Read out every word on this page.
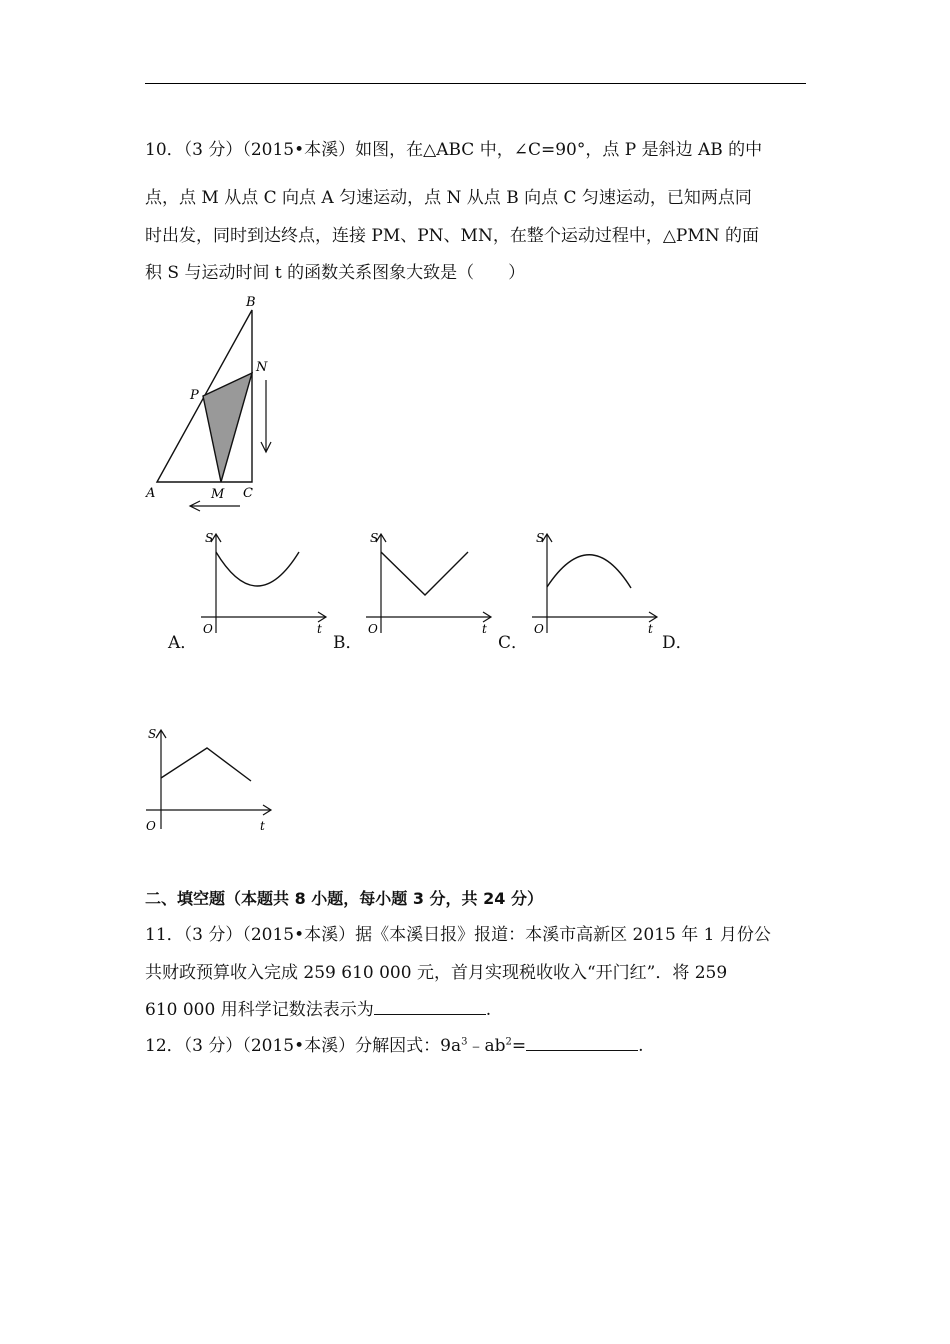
10．（3 分）（2015•本溪）如图，在△ABC 中，∠C=90°，点 P 是斜边 AB 的中
点，点 M 从点 C 向点 A 匀速运动，点 N 从点 B 向点 C 匀速运动，已知两点同
时出发，同时到达终点，连接 PM、PN、MN，在整个运动过程中，△PMN 的面
积 S 与运动时间 t 的函数关系图象大致是（　　）
A
B
C
P
N
M
S
O	t
A．
S
O	t
B．
S
O	t
C．	D．
S
O	t
二、填空题（本题共 8 小题，每小题 3 分，共 24 分）
11．（3 分）（2015•本溪）据《本溪日报》报道：本溪市高新区 2015 年 1 月份公
共财政预算收入完成 259 610 000 元，首月实现税收收入“开门红”．将 259
610 000 用科学记数法表示为	.
12．（3 分）（2015•本溪）分解因式：$9a^3﹣ab^2=$	.
